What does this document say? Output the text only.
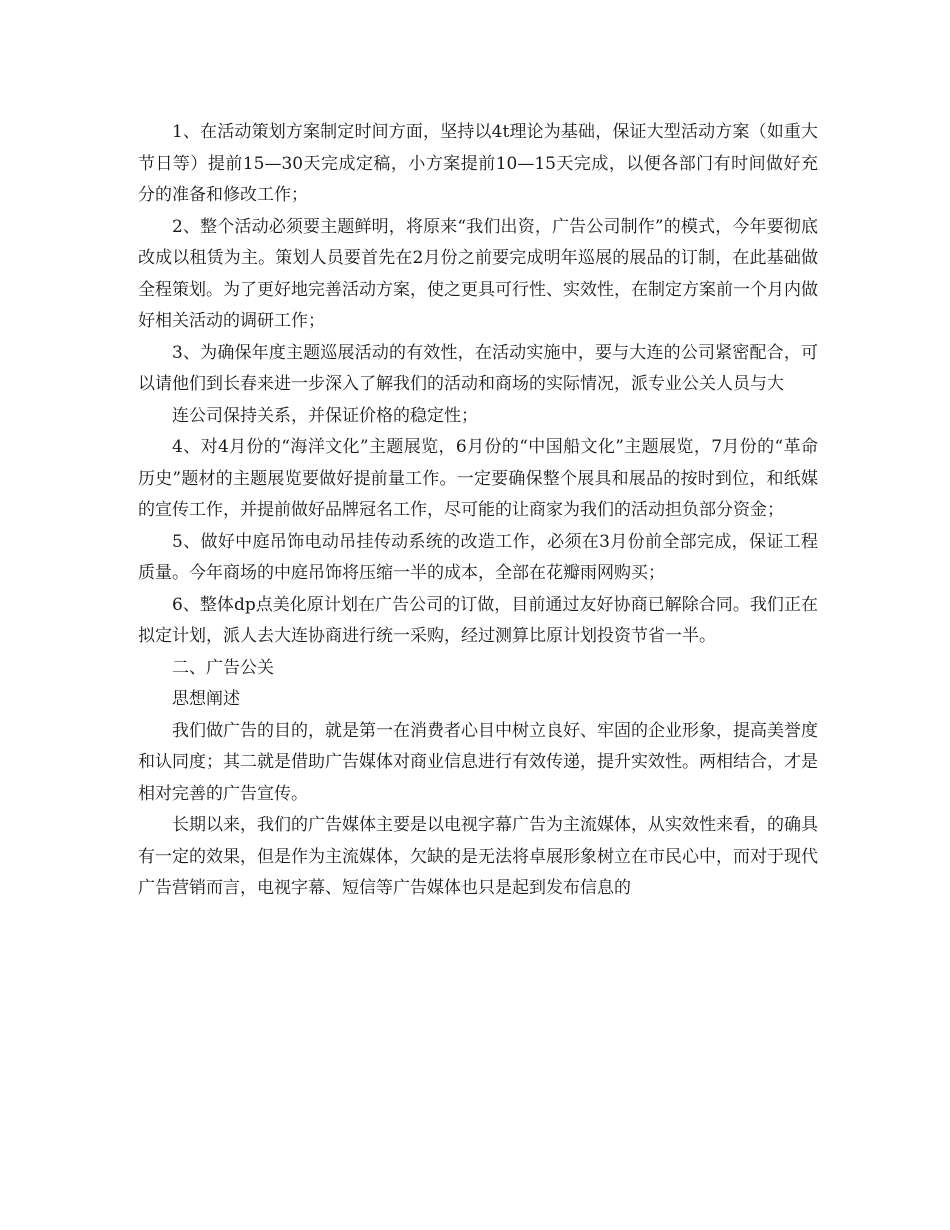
1、在活动策划方案制定时间方面，坚持以4t理论为基础，保证大型活动方案（如重大节日等）提前15—30天完成定稿，小方案提前10—15天完成，以便各部门有时间做好充分的准备和修改工作；

2、整个活动必须要主题鲜明，将原来“我们出资，广告公司制作”的模式，今年要彻底改成以租赁为主。策划人员要首先在2月份之前要完成明年巡展的展品的订制，在此基础做全程策划。为了更好地完善活动方案，使之更具可行性、实效性，在制定方案前一个月内做好相关活动的调研工作；

3、为确保年度主题巡展活动的有效性，在活动实施中，要与大连的公司紧密配合，可以请他们到长春来进一步深入了解我们的活动和商场的实际情况，派专业公关人员与大

连公司保持关系，并保证价格的稳定性；

4、对4月份的“海洋文化”主题展览，6月份的“中国船文化”主题展览，7月份的“革命历史”题材的主题展览要做好提前量工作。一定要确保整个展具和展品的按时到位，和纸媒的宣传工作，并提前做好品牌冠名工作，尽可能的让商家为我们的活动担负部分资金；

5、做好中庭吊饰电动吊挂传动系统的改造工作，必须在3月份前全部完成，保证工程质量。今年商场的中庭吊饰将压缩一半的成本，全部在花瓣雨网购买；

6、整体dp点美化原计划在广告公司的订做，目前通过友好协商已解除合同。我们正在拟定计划，派人去大连协商进行统一采购，经过测算比原计划投资节省一半。

二、广告公关

思想阐述

我们做广告的目的，就是第一在消费者心目中树立良好、牢固的企业形象，提高美誉度和认同度；其二就是借助广告媒体对商业信息进行有效传递，提升实效性。两相结合，才是相对完善的广告宣传。

长期以来，我们的广告媒体主要是以电视字幕广告为主流媒体，从实效性来看，的确具有一定的效果，但是作为主流媒体，欠缺的是无法将卓展形象树立在市民心中，而对于现代广告营销而言，电视字幕、短信等广告媒体也只是起到发布信息的
